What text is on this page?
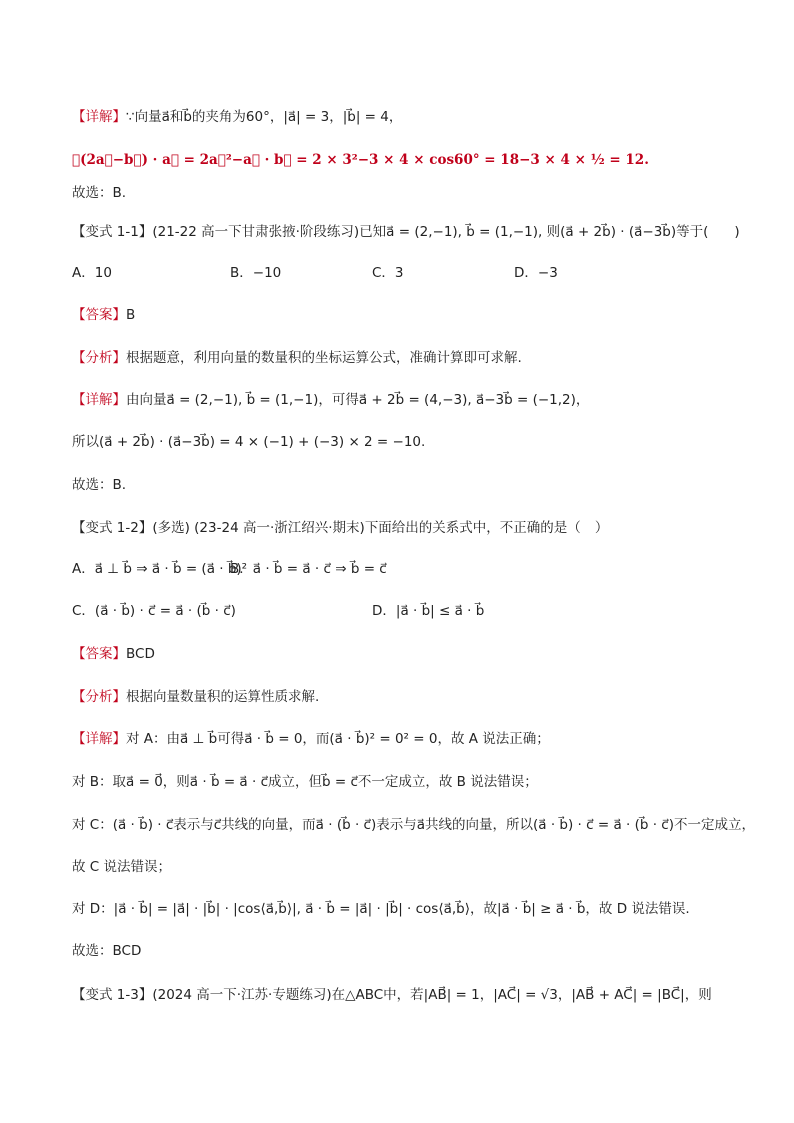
【详解】∵向量a⃗和b⃗的夹角为60°，|a⃗| = 3，|b⃗| = 4，
∴(2a⃗−b⃗) · a⃗ = 2a⃗²−a⃗ · b⃗ = 2 × 3²−3 × 4 × cos60° = 18−3 × 4 × ½ = 12.
故选：B.
【变式 1-1】(21-22 高一下甘肃张掖·阶段练习)已知a⃗ = (2,−1), b⃗ = (1,−1), 则(a⃗ + 2b⃗) · (a⃗−3b⃗)等于( )
A．10	B．−10	C．3	D．−3
【答案】B
【分析】根据题意，利用向量的数量积的坐标运算公式，准确计算即可求解.
【详解】由向量a⃗ = (2,−1), b⃗ = (1,−1)，可得a⃗ + 2b⃗ = (4,−3), a⃗−3b⃗ = (−1,2)，
所以(a⃗ + 2b⃗) · (a⃗−3b⃗) = 4 × (−1) + (−3) × 2 = −10.
故选：B.
【变式 1-2】(多选) (23-24 高一·浙江绍兴·期末)下面给出的关系式中，不正确的是（ ）
A．a⃗ ⊥ b⃗ ⇒ a⃗ · b⃗ = (a⃗ · b⃗)²
B．a⃗ · b⃗ = a⃗ · c⃗ ⇒ b⃗ = c⃗
C．(a⃗ · b⃗) · c⃗ = a⃗ · (b⃗ · c⃗)	D．|a⃗ · b⃗| ≤ a⃗ · b⃗
【答案】BCD
【分析】根据向量数量积的运算性质求解.
【详解】对 A：由a⃗ ⊥ b⃗可得a⃗ · b⃗ = 0，而(a⃗ · b⃗)² = 0² = 0，故 A 说法正确；
对 B：取a⃗ = 0⃗，则a⃗ · b⃗ = a⃗ · c⃗成立，但b⃗ = c⃗不一定成立，故 B 说法错误；
对 C：(a⃗ · b⃗) · c⃗表示与c⃗共线的向量，而a⃗ · (b⃗ · c⃗)表示与a⃗共线的向量，所以(a⃗ · b⃗) · c⃗ = a⃗ · (b⃗ · c⃗)不一定成立，
故 C 说法错误；
对 D：|a⃗ · b⃗| = |a⃗| · |b⃗| · |cos⟨a⃗,b⃗⟩|, a⃗ · b⃗ = |a⃗| · |b⃗| · cos⟨a⃗,b⃗⟩，故|a⃗ · b⃗| ≥ a⃗ · b⃗，故 D 说法错误.
故选：BCD
【变式 1-3】(2024 高一下·江苏·专题练习)在△ABC中，若|AB⃗| = 1，|AC⃗| = √3，|AB⃗ + AC⃗| = |BC⃗|，则
